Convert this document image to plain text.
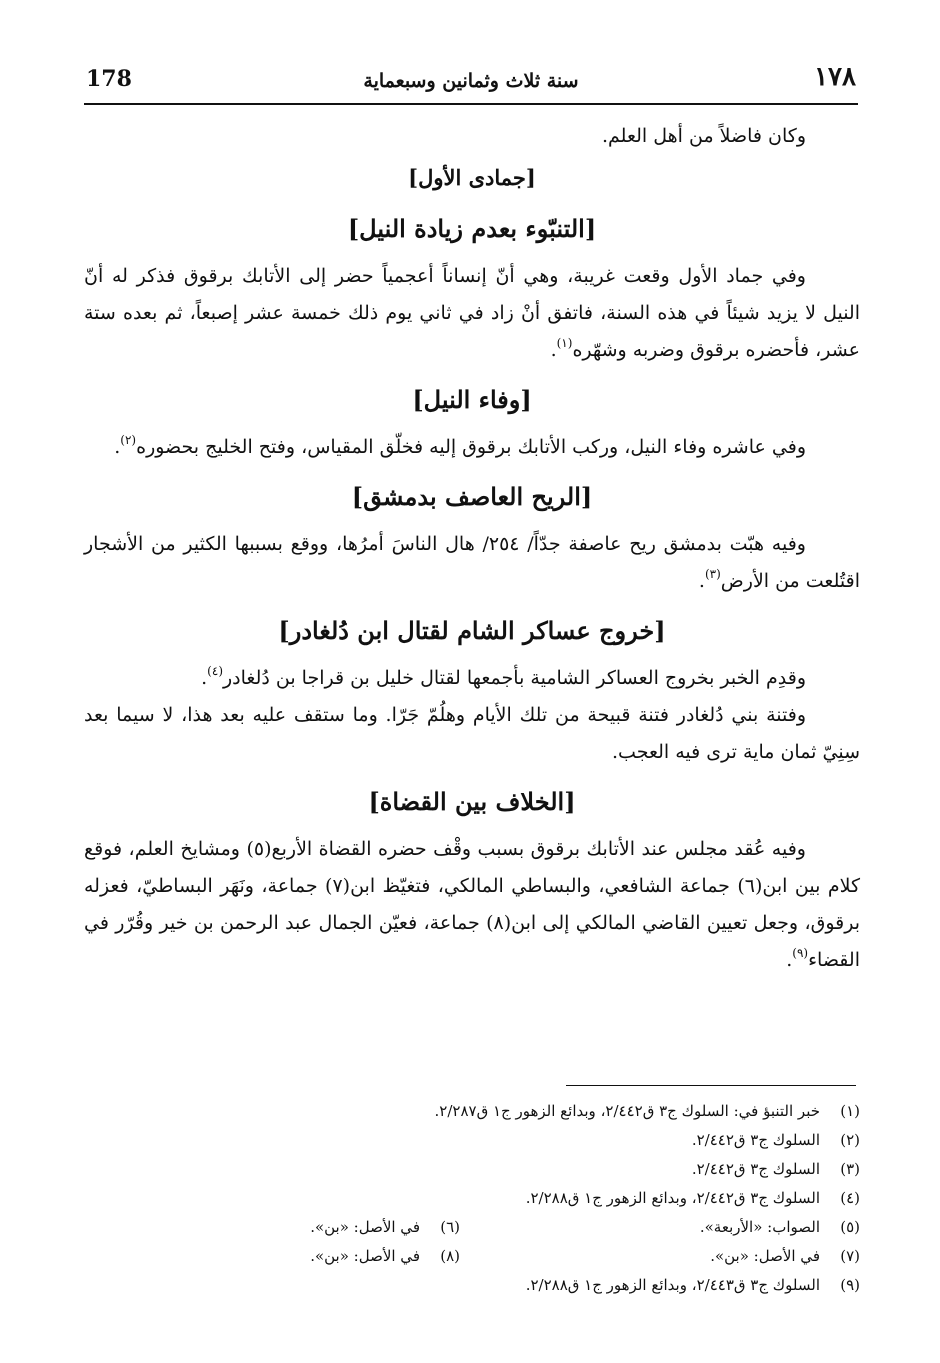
178	سنة ثلاث وثمانين وسبعماية	١٧٨

وكان فاضلاً من أهل العلم.

[جمادى الأول]

[التنبّوء بعدم زيادة النيل]

وفي جماد الأول وقعت غريبة، وهي أنّ إنساناً أعجمياً حضر إلى الأتابك برقوق فذكر له أنّ النيل لا يزيد شيئاً في هذه السنة، فاتفق أنْ زاد في ثاني يوم ذلك خمسة عشر إصبعاً، ثم بعده ستة عشر، فأحضره برقوق وضربه وشهّره$^{(١)}$.

[وفاء النيل]

وفي عاشره وفاء النيل، وركب الأتابك برقوق إليه فخلّق المقياس، وفتح الخليج بحضوره$^{(٢)}$.

[الريح العاصف بدمشق]

وفيه هبّت بدمشق ريح عاصفة جدّاً/ ٢٥٤/ هال الناسَ أمرُها، ووقع بسببها الكثير من الأشجار اقتُلعت من الأرض$^{(٣)}$.

[خروج عساكر الشام لقتال ابن دُلغادر]

وقدِم الخبر بخروج العساكر الشامية بأجمعها لقتال خليل بن قراجا بن دُلغادر$^{(٤)}$.

وفتنة بني دُلغادر فتنة قبيحة من تلك الأيام وهلُمّ جَرّا. وما ستقف عليه بعد هذا، لا سيما بعد سِنِيّ ثمان ماية ترى فيه العجب.

[الخلاف بين القضاة]

وفيه عُقد مجلس عند الأتابك برقوق بسبب وقْف حضره القضاة الأربع(٥) ومشايخ العلم، فوقع كلام بين ابن(٦) جماعة الشافعي، والبساطي المالكي، فتغيّظ ابن(٧) جماعة، ونَهَر البساطيّ، فعزله برقوق، وجعل تعيين القاضي المالكي إلى ابن(٨) جماعة، فعيّن الجمال عبد الرحمن بن خير وقُرّر في القضاء$^{(٩)}$.

(١)
خبر التنبؤ في: السلوك ج٣ ق٢/٤٤٢، وبدائع الزهور ج١ ق٢/٢٨٧.
(٢)
السلوك ج٣ ق٢/٤٤٢.
(٣)
السلوك ج٣ ق٢/٤٤٢.
(٤)
السلوك ج٣ ق٢/٤٤٢، وبدائع الزهور ج١ ق٢/٢٨٨.
(٥)
الصواب: «الأربعة».
(٦)
في الأصل: «بن».
(٧)
في الأصل: «بن».
(٨)
في الأصل: «بن».
(٩)
السلوك ج٣ ق٢/٤٤٣، وبدائع الزهور ج١ ق٢/٢٨٨.
